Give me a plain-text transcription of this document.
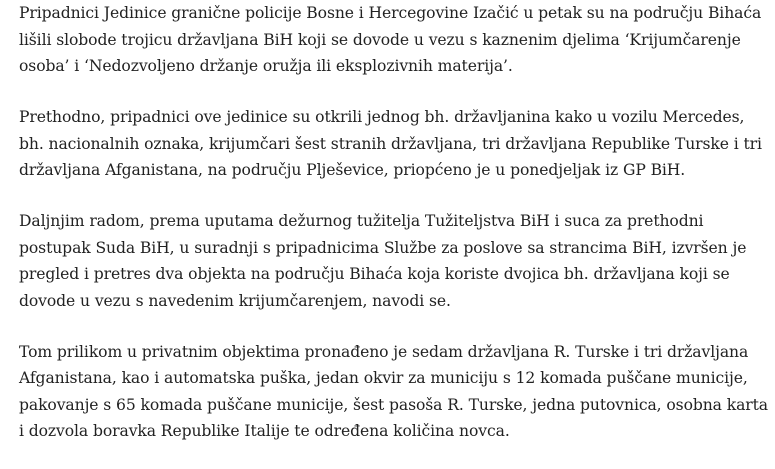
Pripadnici Jedinice granične policije Bosne i Hercegovine Izačić u petak su na području Bihaća lišili slobode trojicu državljana BiH koji se dovode u vezu s kaznenim djelima ‘Krijumčarenje osoba’ i ‘Nedozvoljeno držanje oružja ili eksplozivnih materija’.

Prethodno, pripadnici ove jedinice su otkrili jednog bh. državljanina kako u vozilu Mercedes, bh. nacionalnih oznaka, krijumčari šest stranih državljana, tri državljana Republike Turske i tri državljana Afganistana, na području Plješevice, priopćeno je u ponedjeljak iz GP BiH.

Daljnjim radom, prema uputama dežurnog tužitelja Tužiteljstva BiH i suca za prethodni postupak Suda BiH, u suradnji s pripadnicima Službe za poslove sa strancima BiH, izvršen je pregled i pretres dva objekta na području Bihaća koja koriste dvojica bh. državljana koji se dovode u vezu s navedenim krijumčarenjem, navodi se.

Tom prilikom u privatnim objektima pronađeno je sedam državljana R. Turske i tri državljana Afganistana, kao i automatska puška, jedan okvir za municiju s 12 komada puščane municije, pakovanje s 65 komada puščane municije, šest pasoša R. Turske, jedna putovnica, osobna karta i dozvola boravka Republike Italije te određena količina novca.
